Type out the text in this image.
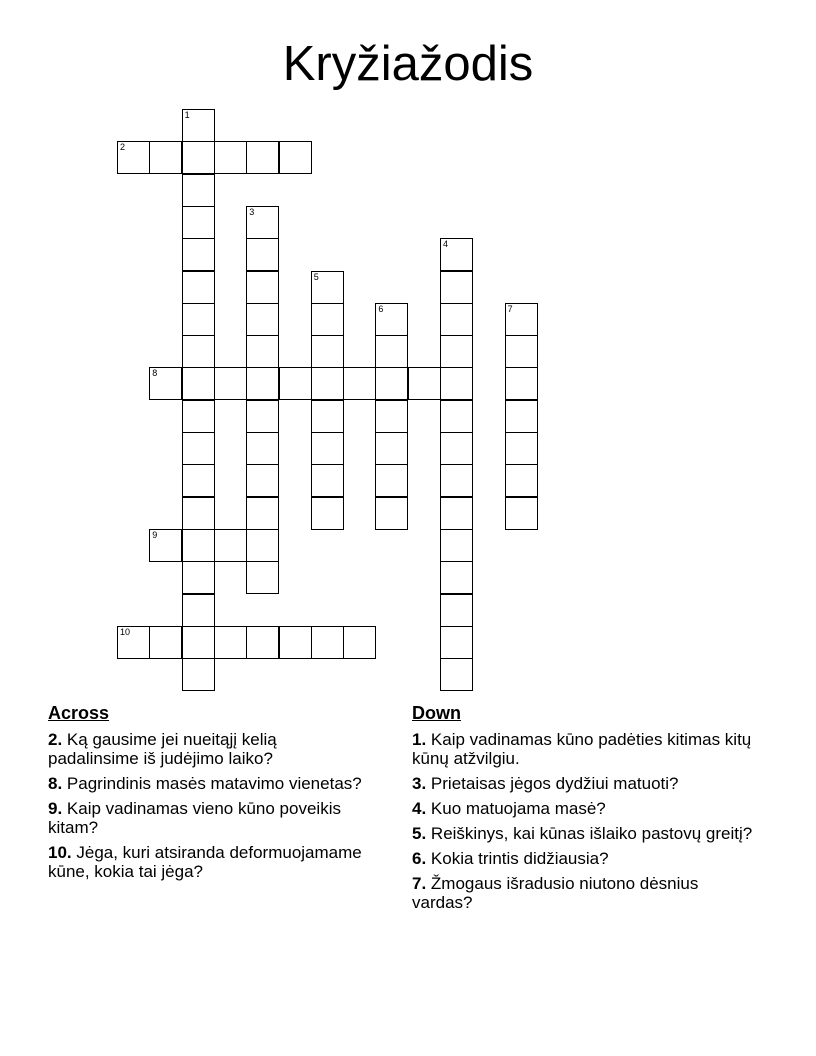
Kryžiažodis
1
2
3
4
5
6	7
8
9
10
Across
2. Ką gausime jei nueitąjį kelią padalinsime iš judėjimo laiko?
8. Pagrindinis masės matavimo vienetas?
9. Kaip vadinamas vieno kūno poveikis kitam?
10. Jėga, kuri atsiranda deformuojamame kūne, kokia tai jėga?
Down
1. Kaip vadinamas kūno padėties kitimas kitų kūnų atžvilgiu.
3. Prietaisas jėgos dydžiui matuoti?
4. Kuo matuojama masė?
5. Reiškinys, kai kūnas išlaiko pastovų greitį?
6. Kokia trintis didžiausia?
7. Žmogaus išradusio niutono dėsnius vardas?
